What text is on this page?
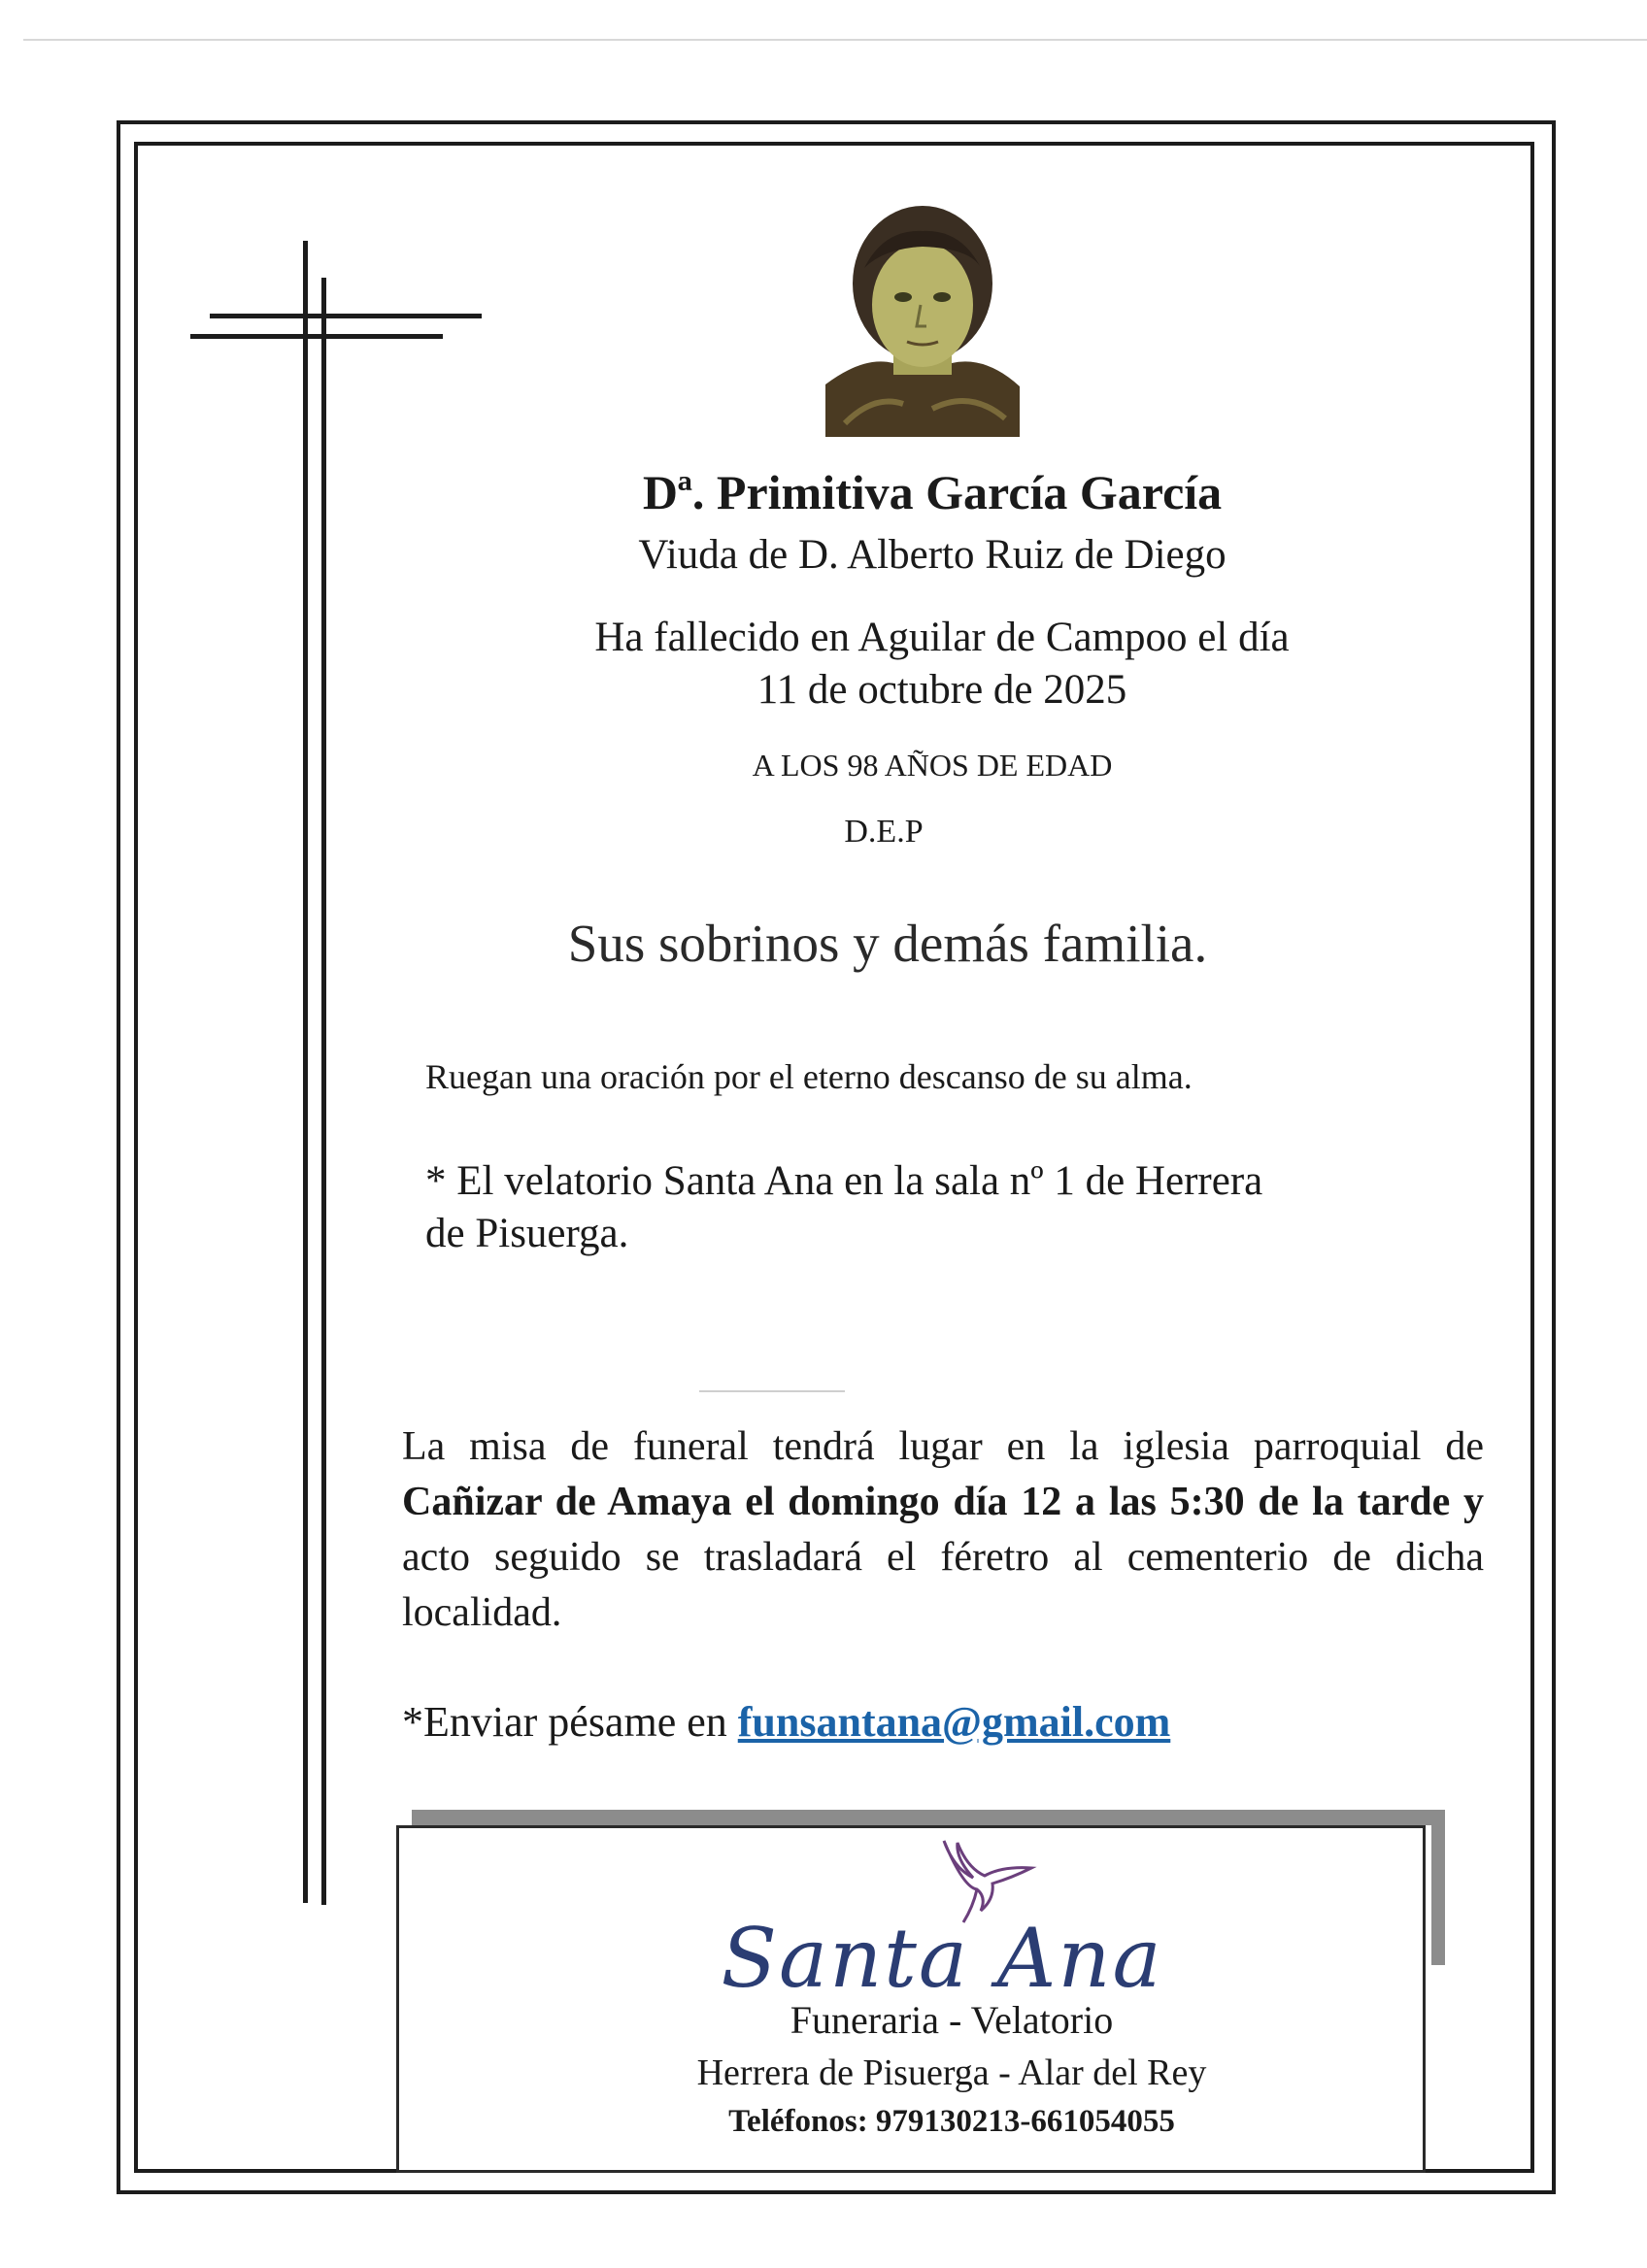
Dª. Primitiva García García
Viuda de D. Alberto Ruiz de Diego
Ha fallecido en Aguilar de Campoo el día
11 de octubre de 2025
A LOS 98 AÑOS DE EDAD
D.E.P
Sus sobrinos y demás familia.
Ruegan una oración por el eterno descanso de su alma.
* El velatorio Santa Ana en la sala nº 1 de Herrera
de Pisuerga.
La misa de funeral tendrá lugar en la iglesia parroquial de Cañizar de Amaya el domingo día 12 a las 5:30 de la tarde y acto seguido se trasladará el féretro al cementerio de dicha localidad.
*Enviar pésame en funsantana@gmail.com
Santa Ana
Funeraria - Velatorio
Herrera de Pisuerga - Alar del Rey
Teléfonos: 979130213-661054055
